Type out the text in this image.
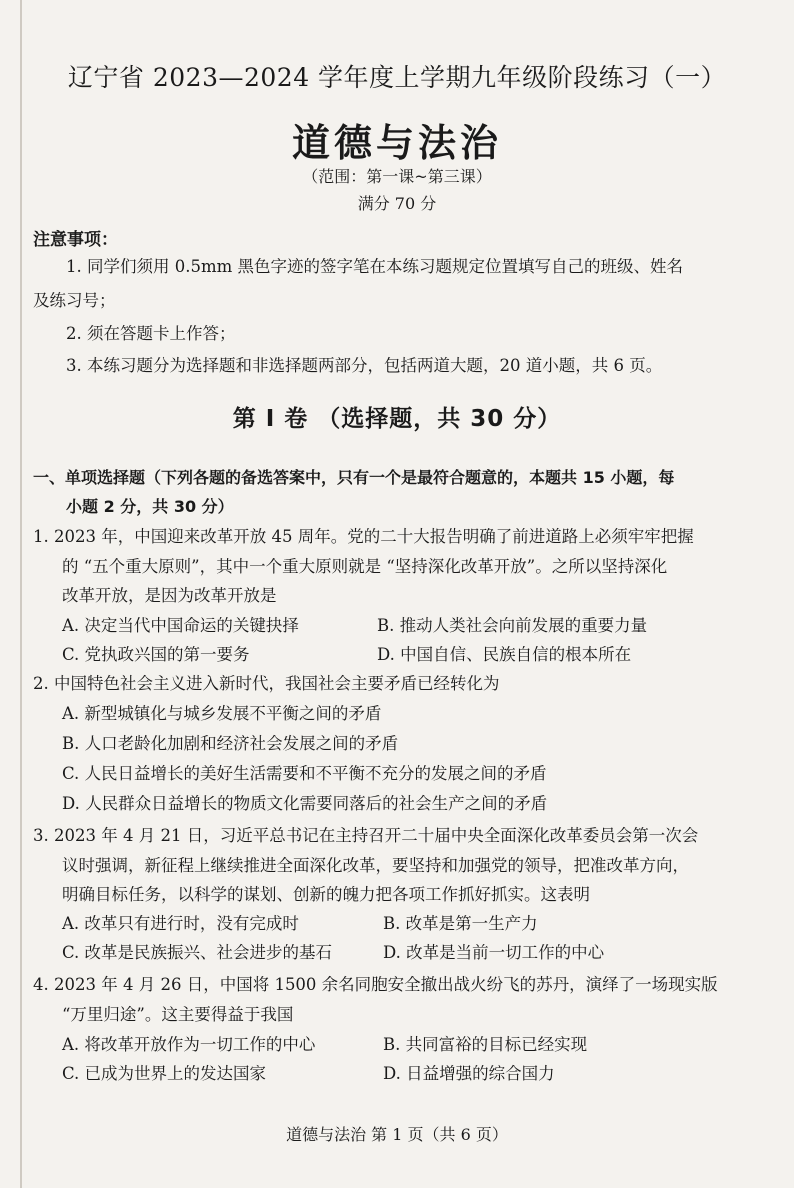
辽宁省 2023—2024 学年度上学期九年级阶段练习（一）
道德与法治
（范围：第一课~第三课）
满分 70 分
注意事项：
1. 同学们须用 0.5mm 黑色字迹的签字笔在本练习题规定位置填写自己的班级、姓名
及练习号；
2. 须在答题卡上作答；
3. 本练习题分为选择题和非选择题两部分，包括两道大题，20 道小题，共 6 页。
第 I 卷 （选择题，共 30 分）
一、单项选择题（下列各题的备选答案中，只有一个是最符合题意的，本题共 15 小题，每
小题 2 分，共 30 分）
1. 2023 年，中国迎来改革开放 45 周年。党的二十大报告明确了前进道路上必须牢牢把握
的 “五个重大原则”，其中一个重大原则就是 “坚持深化改革开放”。之所以坚持深化
改革开放，是因为改革开放是
A. 决定当代中国命运的关键抉择	B. 推动人类社会向前发展的重要力量
C. 党执政兴国的第一要务	D. 中国自信、民族自信的根本所在
2. 中国特色社会主义进入新时代，我国社会主要矛盾已经转化为
A. 新型城镇化与城乡发展不平衡之间的矛盾
B. 人口老龄化加剧和经济社会发展之间的矛盾
C. 人民日益增长的美好生活需要和不平衡不充分的发展之间的矛盾
D. 人民群众日益增长的物质文化需要同落后的社会生产之间的矛盾
3. 2023 年 4 月 21 日，习近平总书记在主持召开二十届中央全面深化改革委员会第一次会
议时强调，新征程上继续推进全面深化改革，要坚持和加强党的领导，把准改革方向，
明确目标任务，以科学的谋划、创新的魄力把各项工作抓好抓实。这表明
A. 改革只有进行时，没有完成时	B. 改革是第一生产力
C. 改革是民族振兴、社会进步的基石	D. 改革是当前一切工作的中心
4. 2023 年 4 月 26 日，中国将 1500 余名同胞安全撤出战火纷飞的苏丹，演绎了一场现实版
“万里归途”。这主要得益于我国
A. 将改革开放作为一切工作的中心	B. 共同富裕的目标已经实现
C. 已成为世界上的发达国家	D. 日益增强的综合国力
道德与法治 第 1 页（共 6 页）
